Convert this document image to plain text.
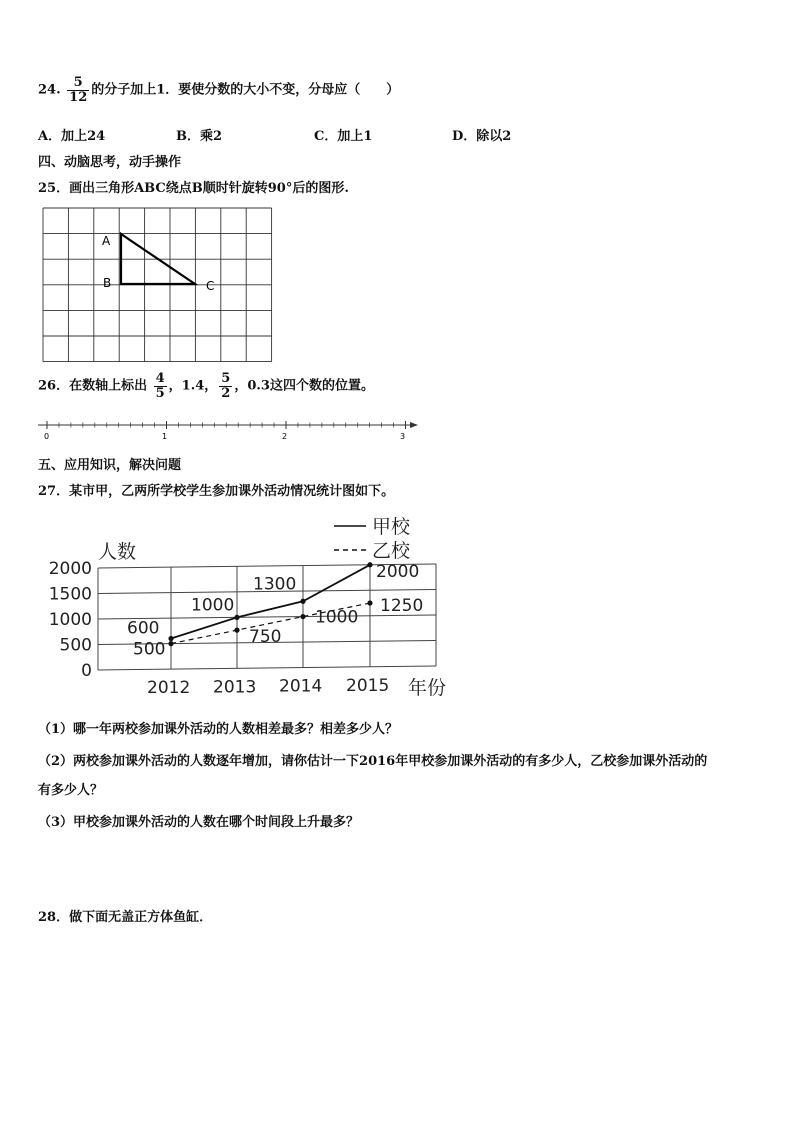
24. $\frac{5}{12}$ 的分子加上1．要使分数的大小不变，分母应（　　）
A．加上24	B．乘2	C．加上1	D．除以2
四、动脑思考，动手操作
25．画出三角形ABC绕点B顺时针旋转90°后的图形.
A
B	C
26．在数轴上标出 $\frac{4}{5}$ ，1.4， $\frac{5}{2}$ ，0.3这四个数的位置。
0	1	2	3
五、应用知识，解决问题
27．某市甲，乙两所学校学生参加课外活动情况统计图如下。
0
500
1000
1500
2000
2012 2013 2014 2015
人数
年份
600
1000
1300
2000
500
750
1000
1250
甲校
乙校
（1）哪一年两校参加课外活动的人数相差最多？相差多少人？
（2）两校参加课外活动的人数逐年增加，请你估计一下2016年甲校参加课外活动的有多少人，乙校参加课外活动的
有多少人？
（3）甲校参加课外活动的人数在哪个时间段上升最多？
28．做下面无盖正方体鱼缸．
